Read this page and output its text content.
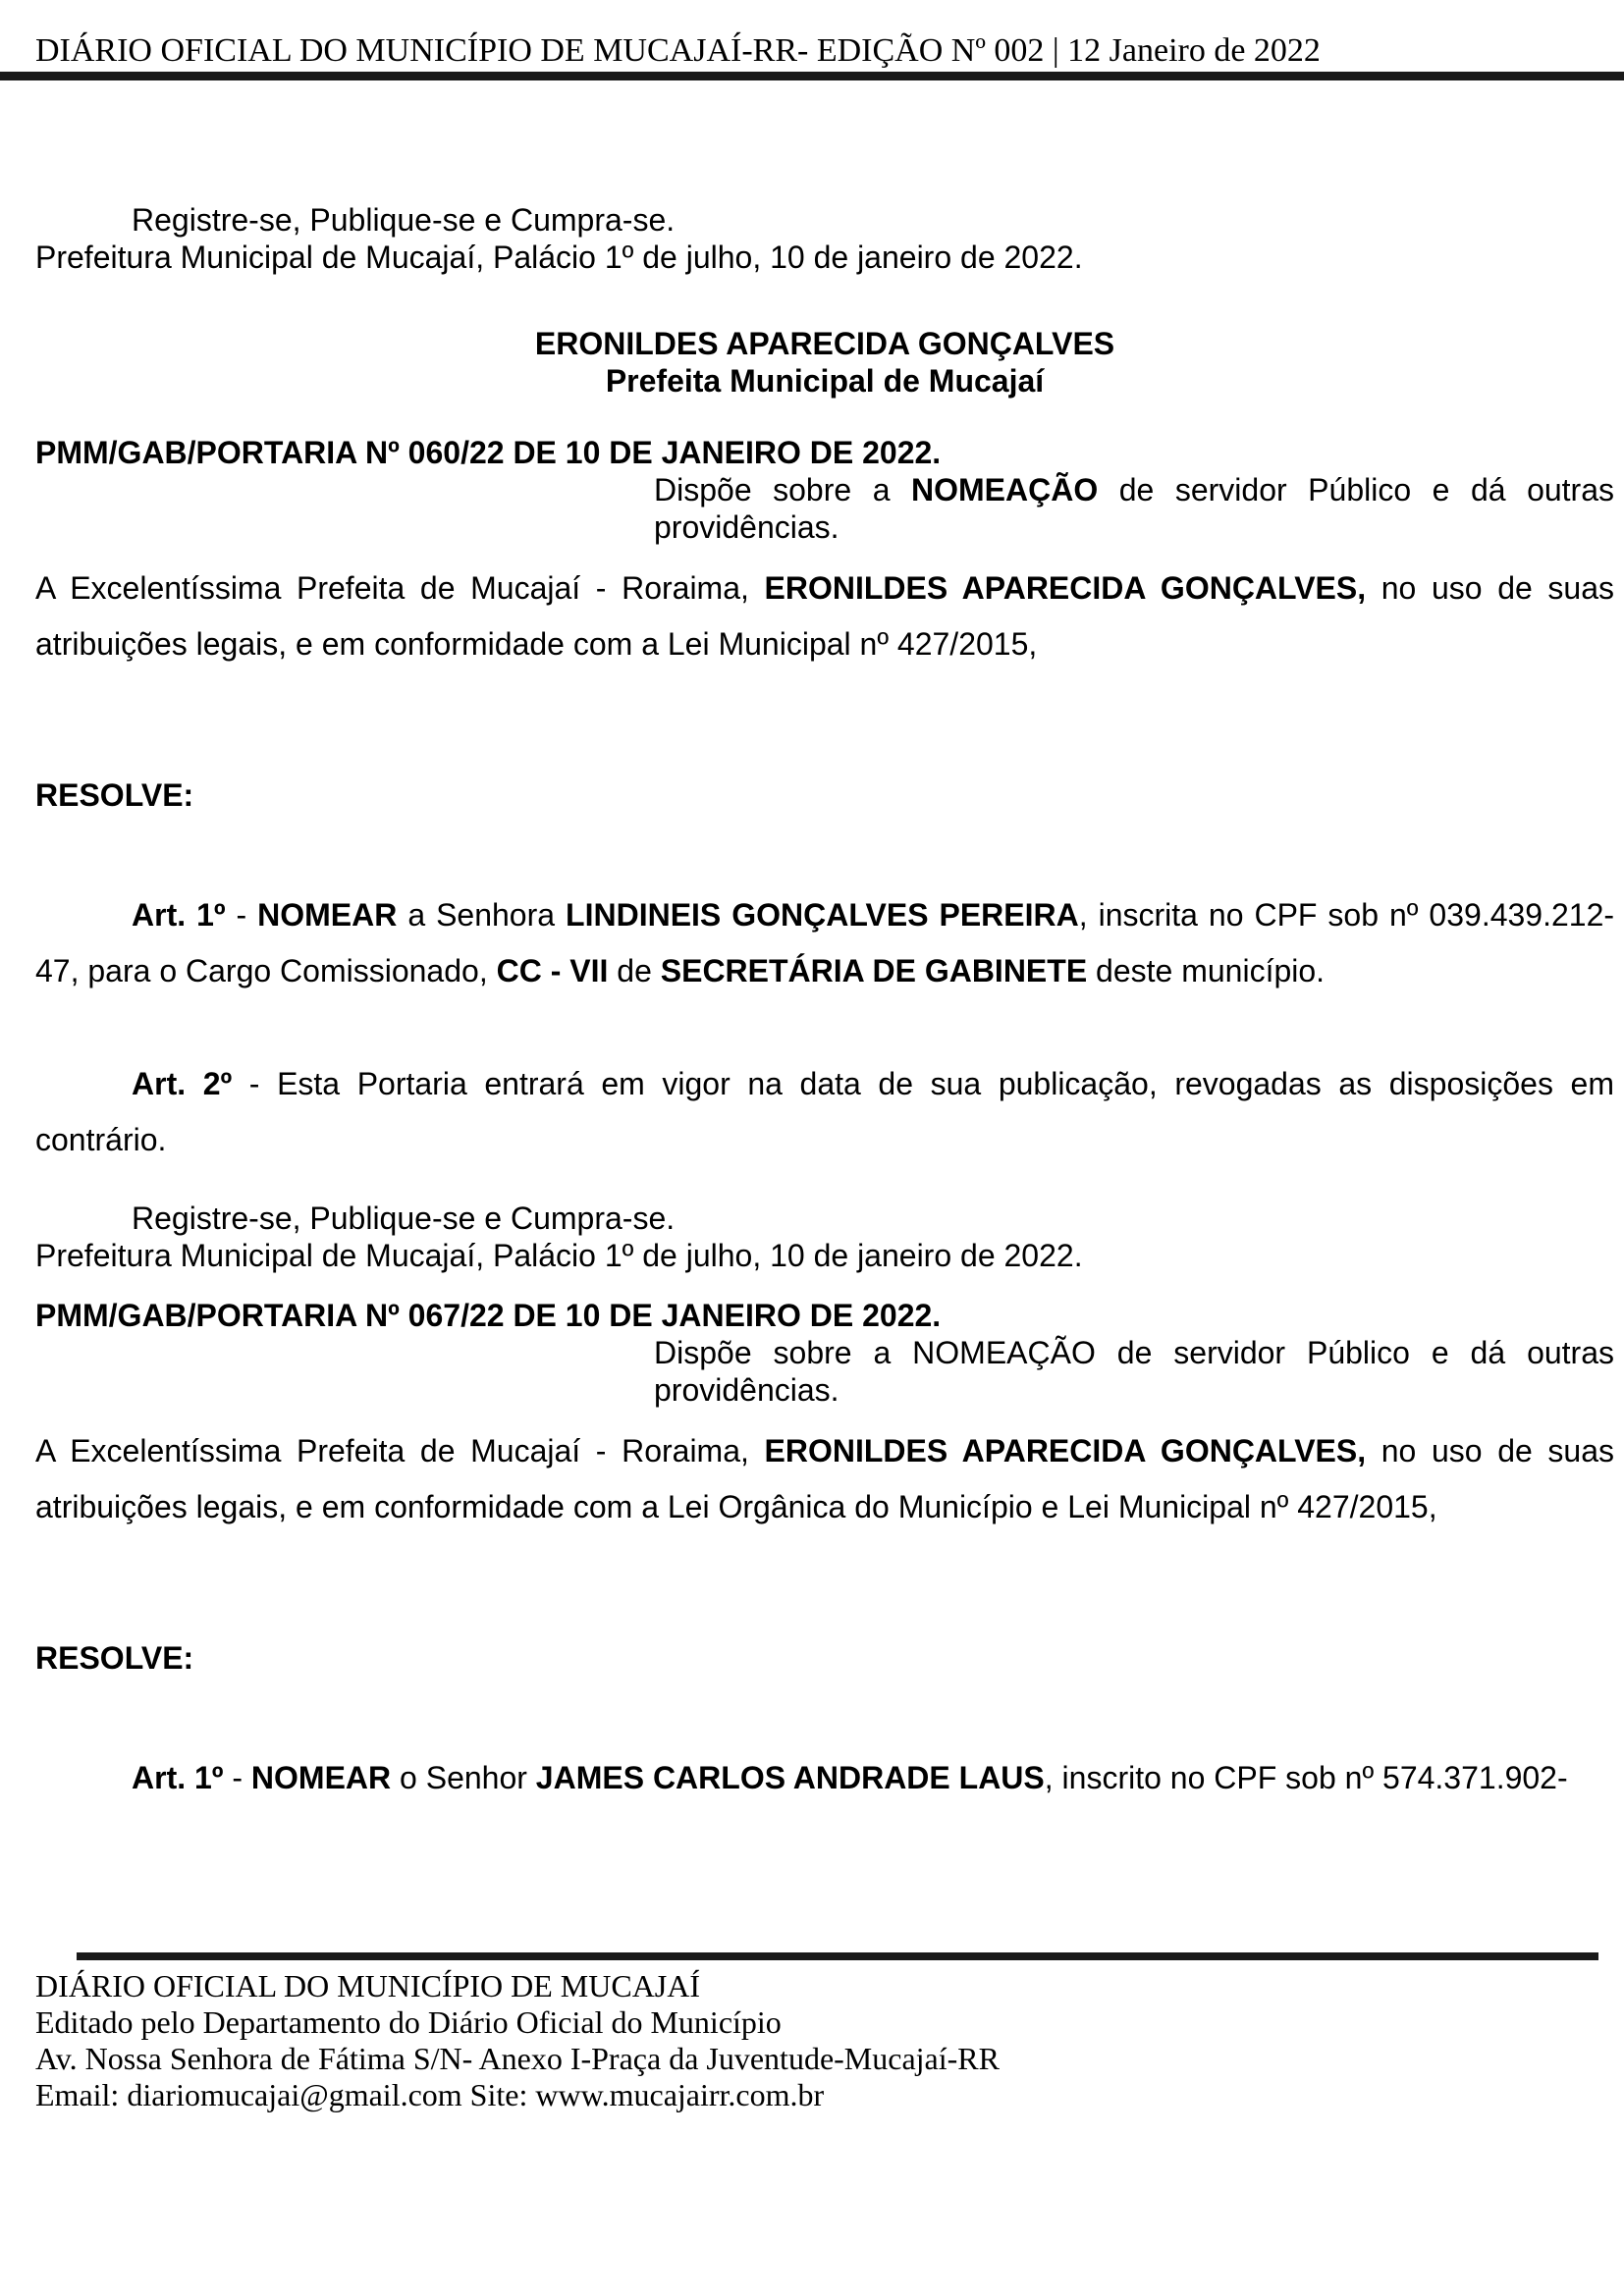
DIÁRIO OFICIAL DO MUNICÍPIO DE MUCAJAÍ-RR- EDIÇÃO Nº 002 | 12 Janeiro de 2022
Registre-se, Publique-se e Cumpra-se.
Prefeitura Municipal de Mucajaí, Palácio 1º de julho, 10 de janeiro de 2022.
ERONILDES APARECIDA GONÇALVES
Prefeita Municipal de Mucajaí
PMM/GAB/PORTARIA Nº 060/22 DE 10 DE JANEIRO DE 2022.
Dispõe sobre a NOMEAÇÃO de servidor Público e dá outras providências.
A Excelentíssima Prefeita de Mucajaí - Roraima, ERONILDES APARECIDA GONÇALVES, no uso de suas atribuições legais, e em conformidade com a Lei Municipal nº 427/2015,
RESOLVE:
Art. 1º - NOMEAR a Senhora LINDINEIS GONÇALVES PEREIRA, inscrita no CPF sob nº 039.439.212-47, para o Cargo Comissionado, CC - VII de SECRETÁRIA DE GABINETE deste município.
Art. 2º - Esta Portaria entrará em vigor na data de sua publicação, revogadas as disposições em contrário.
Registre-se, Publique-se e Cumpra-se.
Prefeitura Municipal de Mucajaí, Palácio 1º de julho, 10 de janeiro de 2022.
PMM/GAB/PORTARIA Nº 067/22 DE 10 DE JANEIRO DE 2022.
Dispõe sobre a NOMEAÇÃO de servidor Público e dá outras providências.
A Excelentíssima Prefeita de Mucajaí - Roraima, ERONILDES APARECIDA GONÇALVES, no uso de suas atribuições legais, e em conformidade com a Lei Orgânica do Município e Lei Municipal nº 427/2015,
RESOLVE:
Art. 1º - NOMEAR o Senhor JAMES CARLOS ANDRADE LAUS, inscrito no CPF sob nº 574.371.902-
DIÁRIO OFICIAL DO MUNICÍPIO DE MUCAJAÍ
Editado pelo Departamento do Diário Oficial do Município
Av. Nossa Senhora de Fátima S/N- Anexo I-Praça da Juventude-Mucajaí-RR
Email: diariomucajai@gmail.com Site: www.mucajairr.com.br
